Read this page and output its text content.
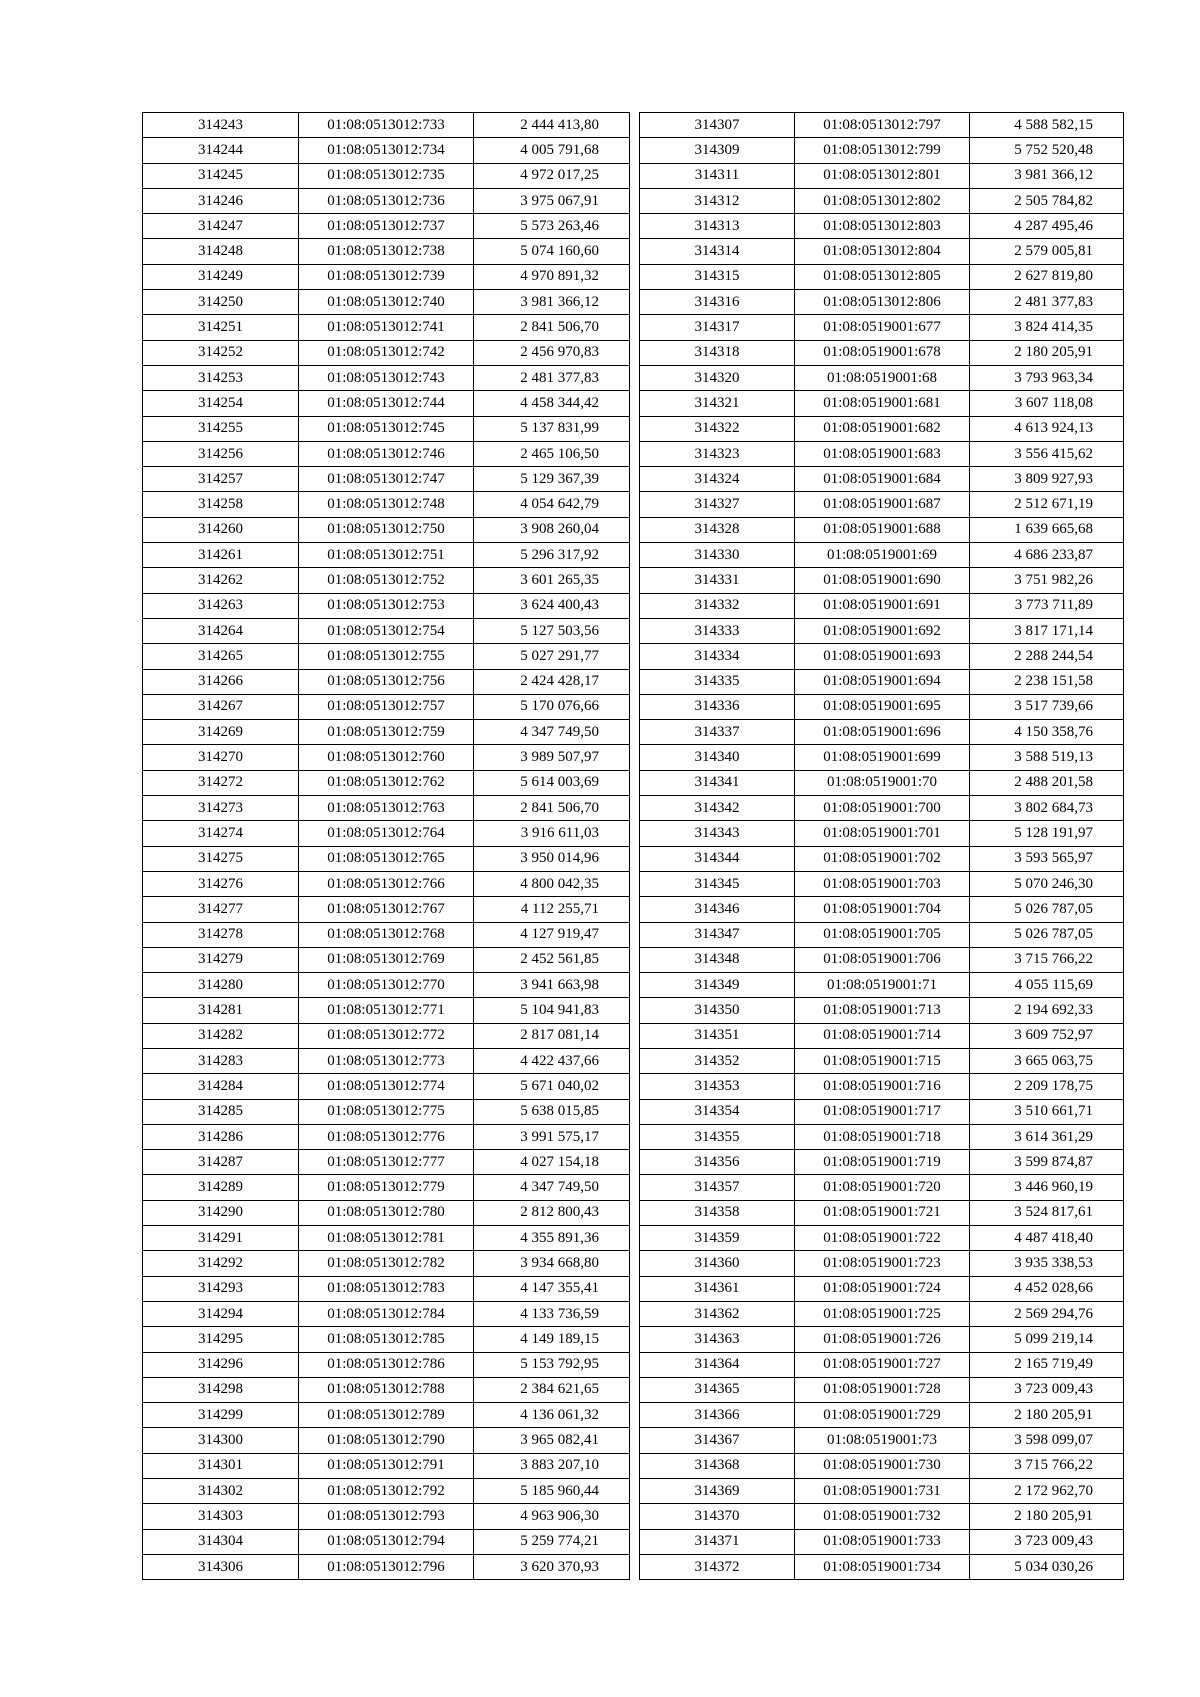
314243	01:08:0513012:733	2 444 413,80
314244	01:08:0513012:734	4 005 791,68
314245	01:08:0513012:735	4 972 017,25
314246	01:08:0513012:736	3 975 067,91
314247	01:08:0513012:737	5 573 263,46
314248	01:08:0513012:738	5 074 160,60
314249	01:08:0513012:739	4 970 891,32
314250	01:08:0513012:740	3 981 366,12
314251	01:08:0513012:741	2 841 506,70
314252	01:08:0513012:742	2 456 970,83
314253	01:08:0513012:743	2 481 377,83
314254	01:08:0513012:744	4 458 344,42
314255	01:08:0513012:745	5 137 831,99
314256	01:08:0513012:746	2 465 106,50
314257	01:08:0513012:747	5 129 367,39
314258	01:08:0513012:748	4 054 642,79
314260	01:08:0513012:750	3 908 260,04
314261	01:08:0513012:751	5 296 317,92
314262	01:08:0513012:752	3 601 265,35
314263	01:08:0513012:753	3 624 400,43
314264	01:08:0513012:754	5 127 503,56
314265	01:08:0513012:755	5 027 291,77
314266	01:08:0513012:756	2 424 428,17
314267	01:08:0513012:757	5 170 076,66
314269	01:08:0513012:759	4 347 749,50
314270	01:08:0513012:760	3 989 507,97
314272	01:08:0513012:762	5 614 003,69
314273	01:08:0513012:763	2 841 506,70
314274	01:08:0513012:764	3 916 611,03
314275	01:08:0513012:765	3 950 014,96
314276	01:08:0513012:766	4 800 042,35
314277	01:08:0513012:767	4 112 255,71
314278	01:08:0513012:768	4 127 919,47
314279	01:08:0513012:769	2 452 561,85
314280	01:08:0513012:770	3 941 663,98
314281	01:08:0513012:771	5 104 941,83
314282	01:08:0513012:772	2 817 081,14
314283	01:08:0513012:773	4 422 437,66
314284	01:08:0513012:774	5 671 040,02
314285	01:08:0513012:775	5 638 015,85
314286	01:08:0513012:776	3 991 575,17
314287	01:08:0513012:777	4 027 154,18
314289	01:08:0513012:779	4 347 749,50
314290	01:08:0513012:780	2 812 800,43
314291	01:08:0513012:781	4 355 891,36
314292	01:08:0513012:782	3 934 668,80
314293	01:08:0513012:783	4 147 355,41
314294	01:08:0513012:784	4 133 736,59
314295	01:08:0513012:785	4 149 189,15
314296	01:08:0513012:786	5 153 792,95
314298	01:08:0513012:788	2 384 621,65
314299	01:08:0513012:789	4 136 061,32
314300	01:08:0513012:790	3 965 082,41
314301	01:08:0513012:791	3 883 207,10
314302	01:08:0513012:792	5 185 960,44
314303	01:08:0513012:793	4 963 906,30
314304	01:08:0513012:794	5 259 774,21
314306	01:08:0513012:796	3 620 370,93
314307	01:08:0513012:797	4 588 582,15
314309	01:08:0513012:799	5 752 520,48
314311	01:08:0513012:801	3 981 366,12
314312	01:08:0513012:802	2 505 784,82
314313	01:08:0513012:803	4 287 495,46
314314	01:08:0513012:804	2 579 005,81
314315	01:08:0513012:805	2 627 819,80
314316	01:08:0513012:806	2 481 377,83
314317	01:08:0519001:677	3 824 414,35
314318	01:08:0519001:678	2 180 205,91
314320	01:08:0519001:68	3 793 963,34
314321	01:08:0519001:681	3 607 118,08
314322	01:08:0519001:682	4 613 924,13
314323	01:08:0519001:683	3 556 415,62
314324	01:08:0519001:684	3 809 927,93
314327	01:08:0519001:687	2 512 671,19
314328	01:08:0519001:688	1 639 665,68
314330	01:08:0519001:69	4 686 233,87
314331	01:08:0519001:690	3 751 982,26
314332	01:08:0519001:691	3 773 711,89
314333	01:08:0519001:692	3 817 171,14
314334	01:08:0519001:693	2 288 244,54
314335	01:08:0519001:694	2 238 151,58
314336	01:08:0519001:695	3 517 739,66
314337	01:08:0519001:696	4 150 358,76
314340	01:08:0519001:699	3 588 519,13
314341	01:08:0519001:70	2 488 201,58
314342	01:08:0519001:700	3 802 684,73
314343	01:08:0519001:701	5 128 191,97
314344	01:08:0519001:702	3 593 565,97
314345	01:08:0519001:703	5 070 246,30
314346	01:08:0519001:704	5 026 787,05
314347	01:08:0519001:705	5 026 787,05
314348	01:08:0519001:706	3 715 766,22
314349	01:08:0519001:71	4 055 115,69
314350	01:08:0519001:713	2 194 692,33
314351	01:08:0519001:714	3 609 752,97
314352	01:08:0519001:715	3 665 063,75
314353	01:08:0519001:716	2 209 178,75
314354	01:08:0519001:717	3 510 661,71
314355	01:08:0519001:718	3 614 361,29
314356	01:08:0519001:719	3 599 874,87
314357	01:08:0519001:720	3 446 960,19
314358	01:08:0519001:721	3 524 817,61
314359	01:08:0519001:722	4 487 418,40
314360	01:08:0519001:723	3 935 338,53
314361	01:08:0519001:724	4 452 028,66
314362	01:08:0519001:725	2 569 294,76
314363	01:08:0519001:726	5 099 219,14
314364	01:08:0519001:727	2 165 719,49
314365	01:08:0519001:728	3 723 009,43
314366	01:08:0519001:729	2 180 205,91
314367	01:08:0519001:73	3 598 099,07
314368	01:08:0519001:730	3 715 766,22
314369	01:08:0519001:731	2 172 962,70
314370	01:08:0519001:732	2 180 205,91
314371	01:08:0519001:733	3 723 009,43
314372	01:08:0519001:734	5 034 030,26
